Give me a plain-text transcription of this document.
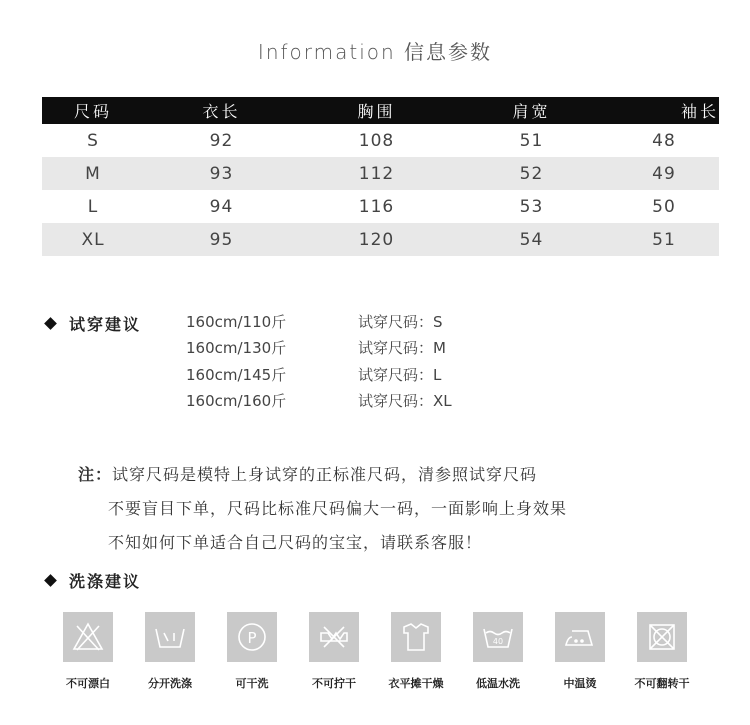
Information 信息参数
尺码	衣长	胸围	肩宽	袖长
S	92	108	51	48
M	93	112	52	49
L	94	116	53	50
XL	95	120	54	51
试穿建议	160cm/110斤	试穿尺码：S
160cm/130斤	试穿尺码：M
160cm/145斤	试穿尺码：L
160cm/160斤	试穿尺码：XL
注：试穿尺码是模特上身试穿的正标准尺码，清参照试穿尺码
不要盲目下单，尺码比标准尺码偏大一码，一面影响上身效果
不知如何下单适合自己尺码的宝宝，请联系客服！
洗涤建议
不可漂白	分开洗涤
P
可干洗	不可拧干	衣平摊干燥
40
低温水洗	中温烫	不可翻转干
